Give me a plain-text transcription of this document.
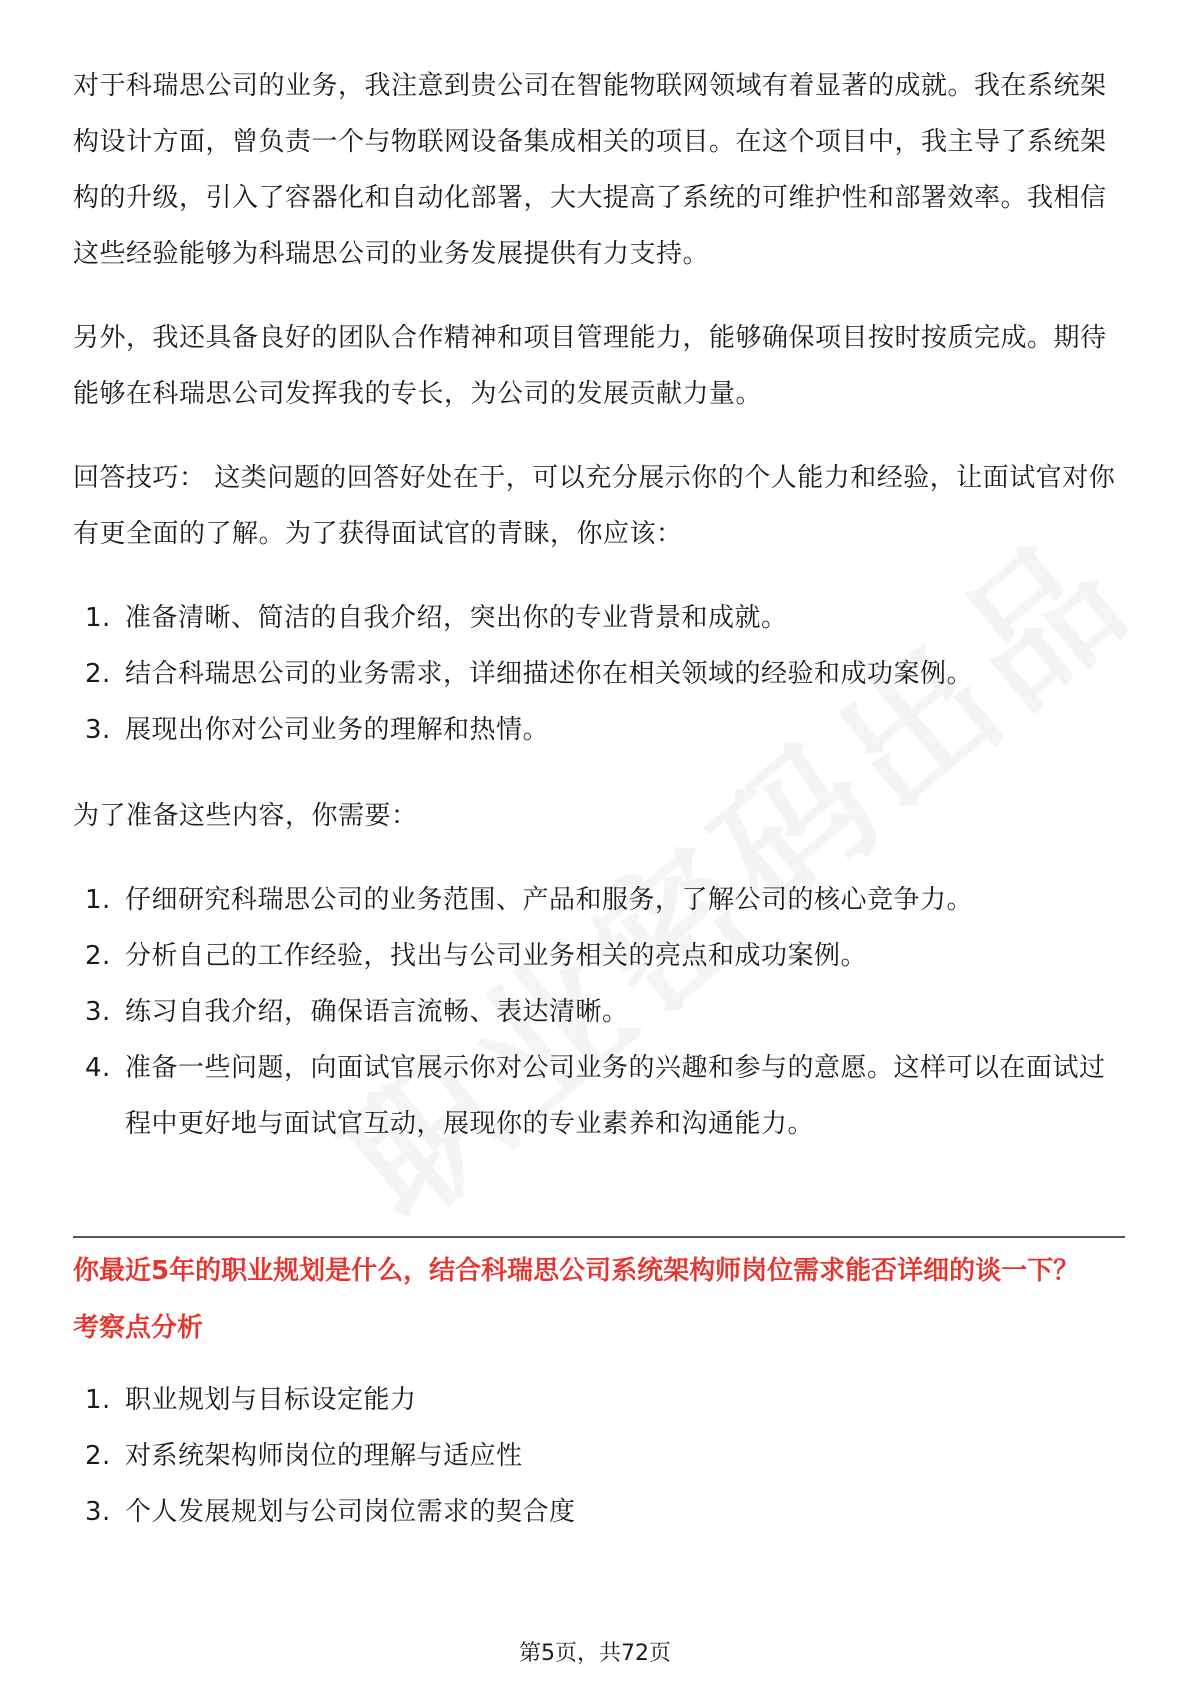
对于科瑞思公司的业务，我注意到贵公司在智能物联网领域有着显著的成就。我在系统架构设计方面，曾负责一个与物联网设备集成相关的项目。在这个项目中，我主导了系统架构的升级，引入了容器化和自动化部署，大大提高了系统的可维护性和部署效率。我相信这些经验能够为科瑞思公司的业务发展提供有力支持。

另外，我还具备良好的团队合作精神和项目管理能力，能够确保项目按时按质完成。期待能够在科瑞思公司发挥我的专长，为公司的发展贡献力量。

回答技巧： 这类问题的回答好处在于，可以充分展示你的个人能力和经验，让面试官对你有更全面的了解。为了获得面试官的青睐，你应该：

1. 准备清晰、简洁的自我介绍，突出你的专业背景和成就。
2. 结合科瑞思公司的业务需求，详细描述你在相关领域的经验和成功案例。
3. 展现出你对公司业务的理解和热情。

为了准备这些内容，你需要：

1. 仔细研究科瑞思公司的业务范围、产品和服务，了解公司的核心竞争力。
2. 分析自己的工作经验，找出与公司业务相关的亮点和成功案例。
3. 练习自我介绍，确保语言流畅、表达清晰。
4. 准备一些问题，向面试官展示你对公司业务的兴趣和参与的意愿。这样可以在面试过程中更好地与面试官互动，展现你的专业素养和沟通能力。

你最近5年的职业规划是什么，结合科瑞思公司系统架构师岗位需求能否详细的谈一下？

考察点分析

1. 职业规划与目标设定能力
2. 对系统架构师岗位的理解与适应性
3. 个人发展规划与公司岗位需求的契合度
第5页，共72页
